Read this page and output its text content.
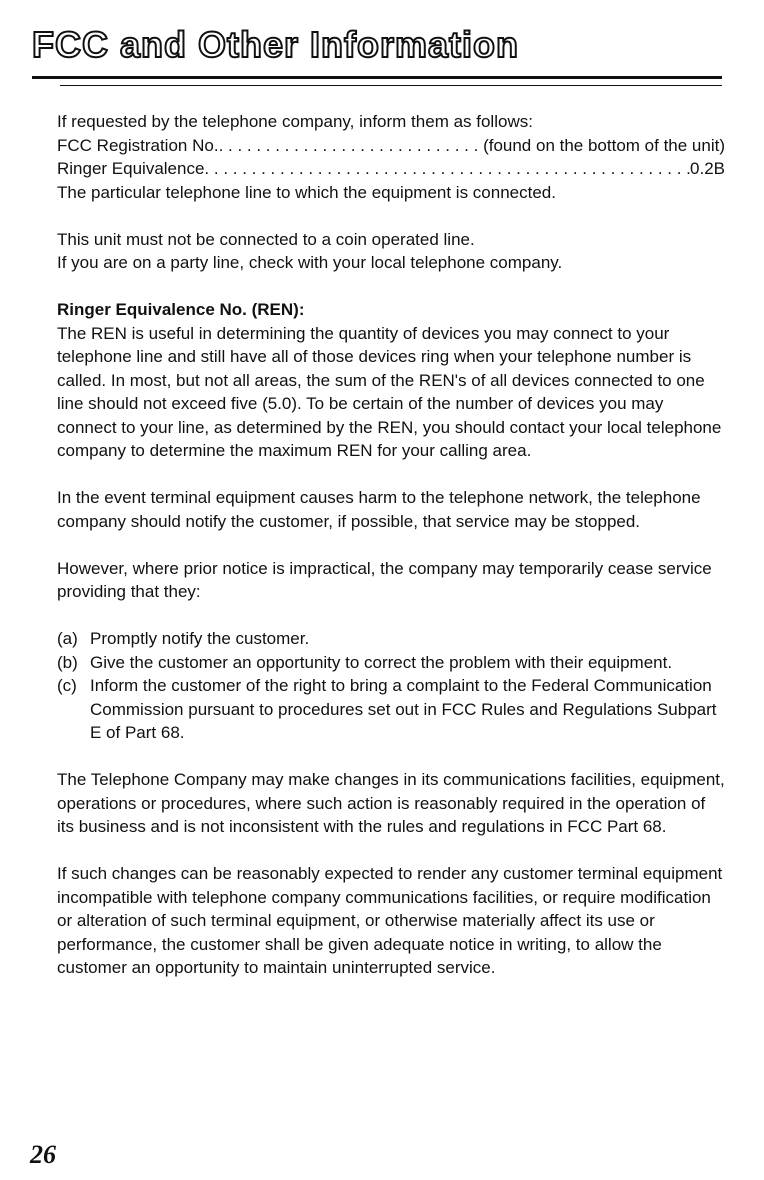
FCC and Other Information

If requested by the telephone company, inform them as follows:

FCC Registration No. . . .	(found on the bottom of the unit)
Ringer Equivalence . . .	0.2B
The particular telephone line to which the equipment is connected.

This unit must not be connected to a coin operated line.
If you are on a party line, check with your local telephone company.

Ringer Equivalence No. (REN):
The REN is useful in determining the quantity of devices you may connect to your telephone line and still have all of those devices ring when your telephone number is called. In most, but not all areas, the sum of the REN's of all devices connected to one line should not exceed five (5.0). To be certain of the number of devices you may connect to your line, as determined by the REN, you should contact your local telephone company to determine the maximum REN for your calling area.

In the event terminal equipment causes harm to the telephone network, the telephone company should notify the customer, if possible, that service may be stopped.

However, where prior notice is impractical, the company may temporarily cease service providing that they:

(a) Promptly notify the customer.
(b) Give the customer an opportunity to correct the problem with their equipment.
(c) Inform the customer of the right to bring a complaint to the Federal Communication Commission pursuant to procedures set out in FCC Rules and Regulations Subpart E of Part 68.

The Telephone Company may make changes in its communications facilities, equipment, operations or procedures, where such action is reasonably required in the operation of its business and is not inconsistent with the rules and regulations in FCC Part 68.

If such changes can be reasonably expected to render any customer terminal equipment incompatible with telephone company communications facilities, or require modification or alteration of such terminal equipment, or otherwise materially affect its use or performance, the customer shall be given adequate notice in writing, to allow the customer an opportunity to maintain uninterrupted service.

26
